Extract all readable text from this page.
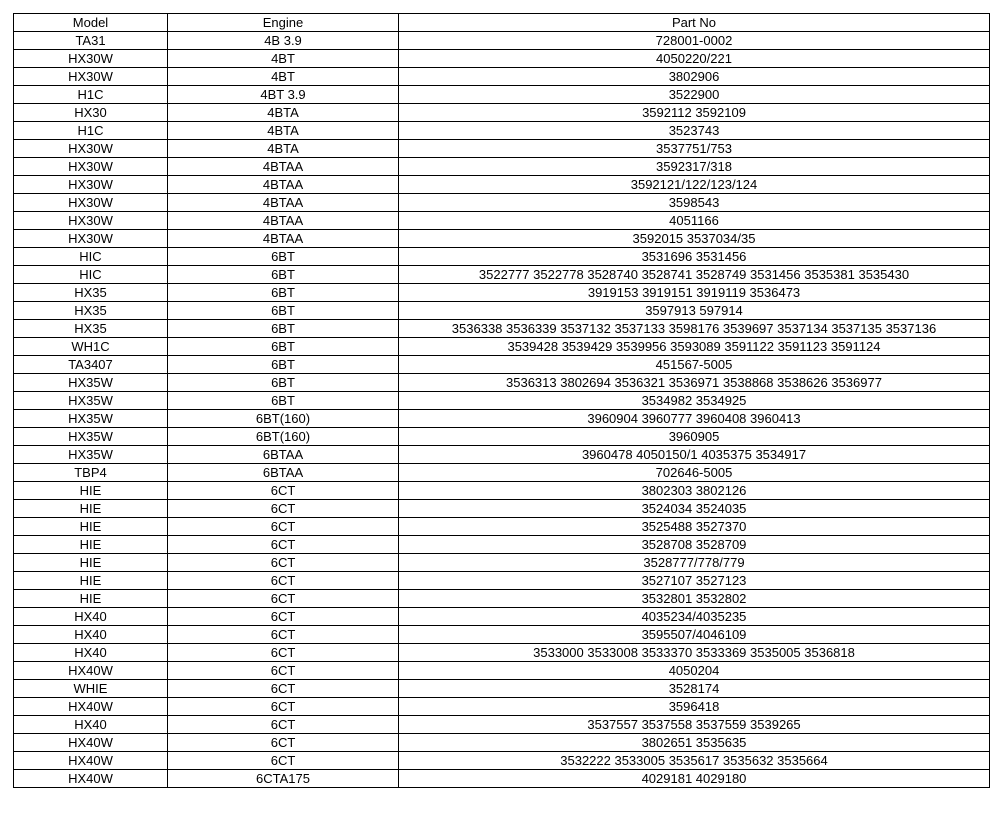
Model	Engine	Part No
TA31	4B 3.9	728001-0002
HX30W	4BT	4050220/221
HX30W	4BT	3802906
H1C	4BT 3.9	3522900
HX30	4BTA	3592112 3592109
H1C	4BTA	3523743
HX30W	4BTA	3537751/753
HX30W	4BTAA	3592317/318
HX30W	4BTAA	3592121/122/123/124
HX30W	4BTAA	3598543
HX30W	4BTAA	4051166
HX30W	4BTAA	3592015 3537034/35
HIC	6BT	3531696 3531456
HIC	6BT	3522777 3522778 3528740 3528741 3528749 3531456 3535381 3535430
HX35	6BT	3919153 3919151 3919119 3536473
HX35	6BT	3597913 597914
HX35	6BT	3536338 3536339 3537132 3537133 3598176 3539697 3537134 3537135 3537136
WH1C	6BT	3539428 3539429 3539956 3593089 3591122 3591123 3591124
TA3407	6BT	451567-5005
HX35W	6BT	3536313 3802694 3536321 3536971 3538868 3538626 3536977
HX35W	6BT	3534982 3534925
HX35W	6BT(160)	3960904 3960777 3960408 3960413
HX35W	6BT(160)	3960905
HX35W	6BTAA	3960478 4050150/1 4035375 3534917
TBP4	6BTAA	702646-5005
HIE	6CT	3802303 3802126
HIE	6CT	3524034 3524035
HIE	6CT	3525488 3527370
HIE	6CT	3528708 3528709
HIE	6CT	3528777/778/779
HIE	6CT	3527107 3527123
HIE	6CT	3532801 3532802
HX40	6CT	4035234/4035235
HX40	6CT	3595507/4046109
HX40	6CT	3533000 3533008 3533370 3533369 3535005 3536818
HX40W	6CT	4050204
WHIE	6CT	3528174
HX40W	6CT	3596418
HX40	6CT	3537557 3537558 3537559 3539265
HX40W	6CT	3802651 3535635
HX40W	6CT	3532222 3533005 3535617 3535632 3535664
HX40W	6CTA175	4029181 4029180
